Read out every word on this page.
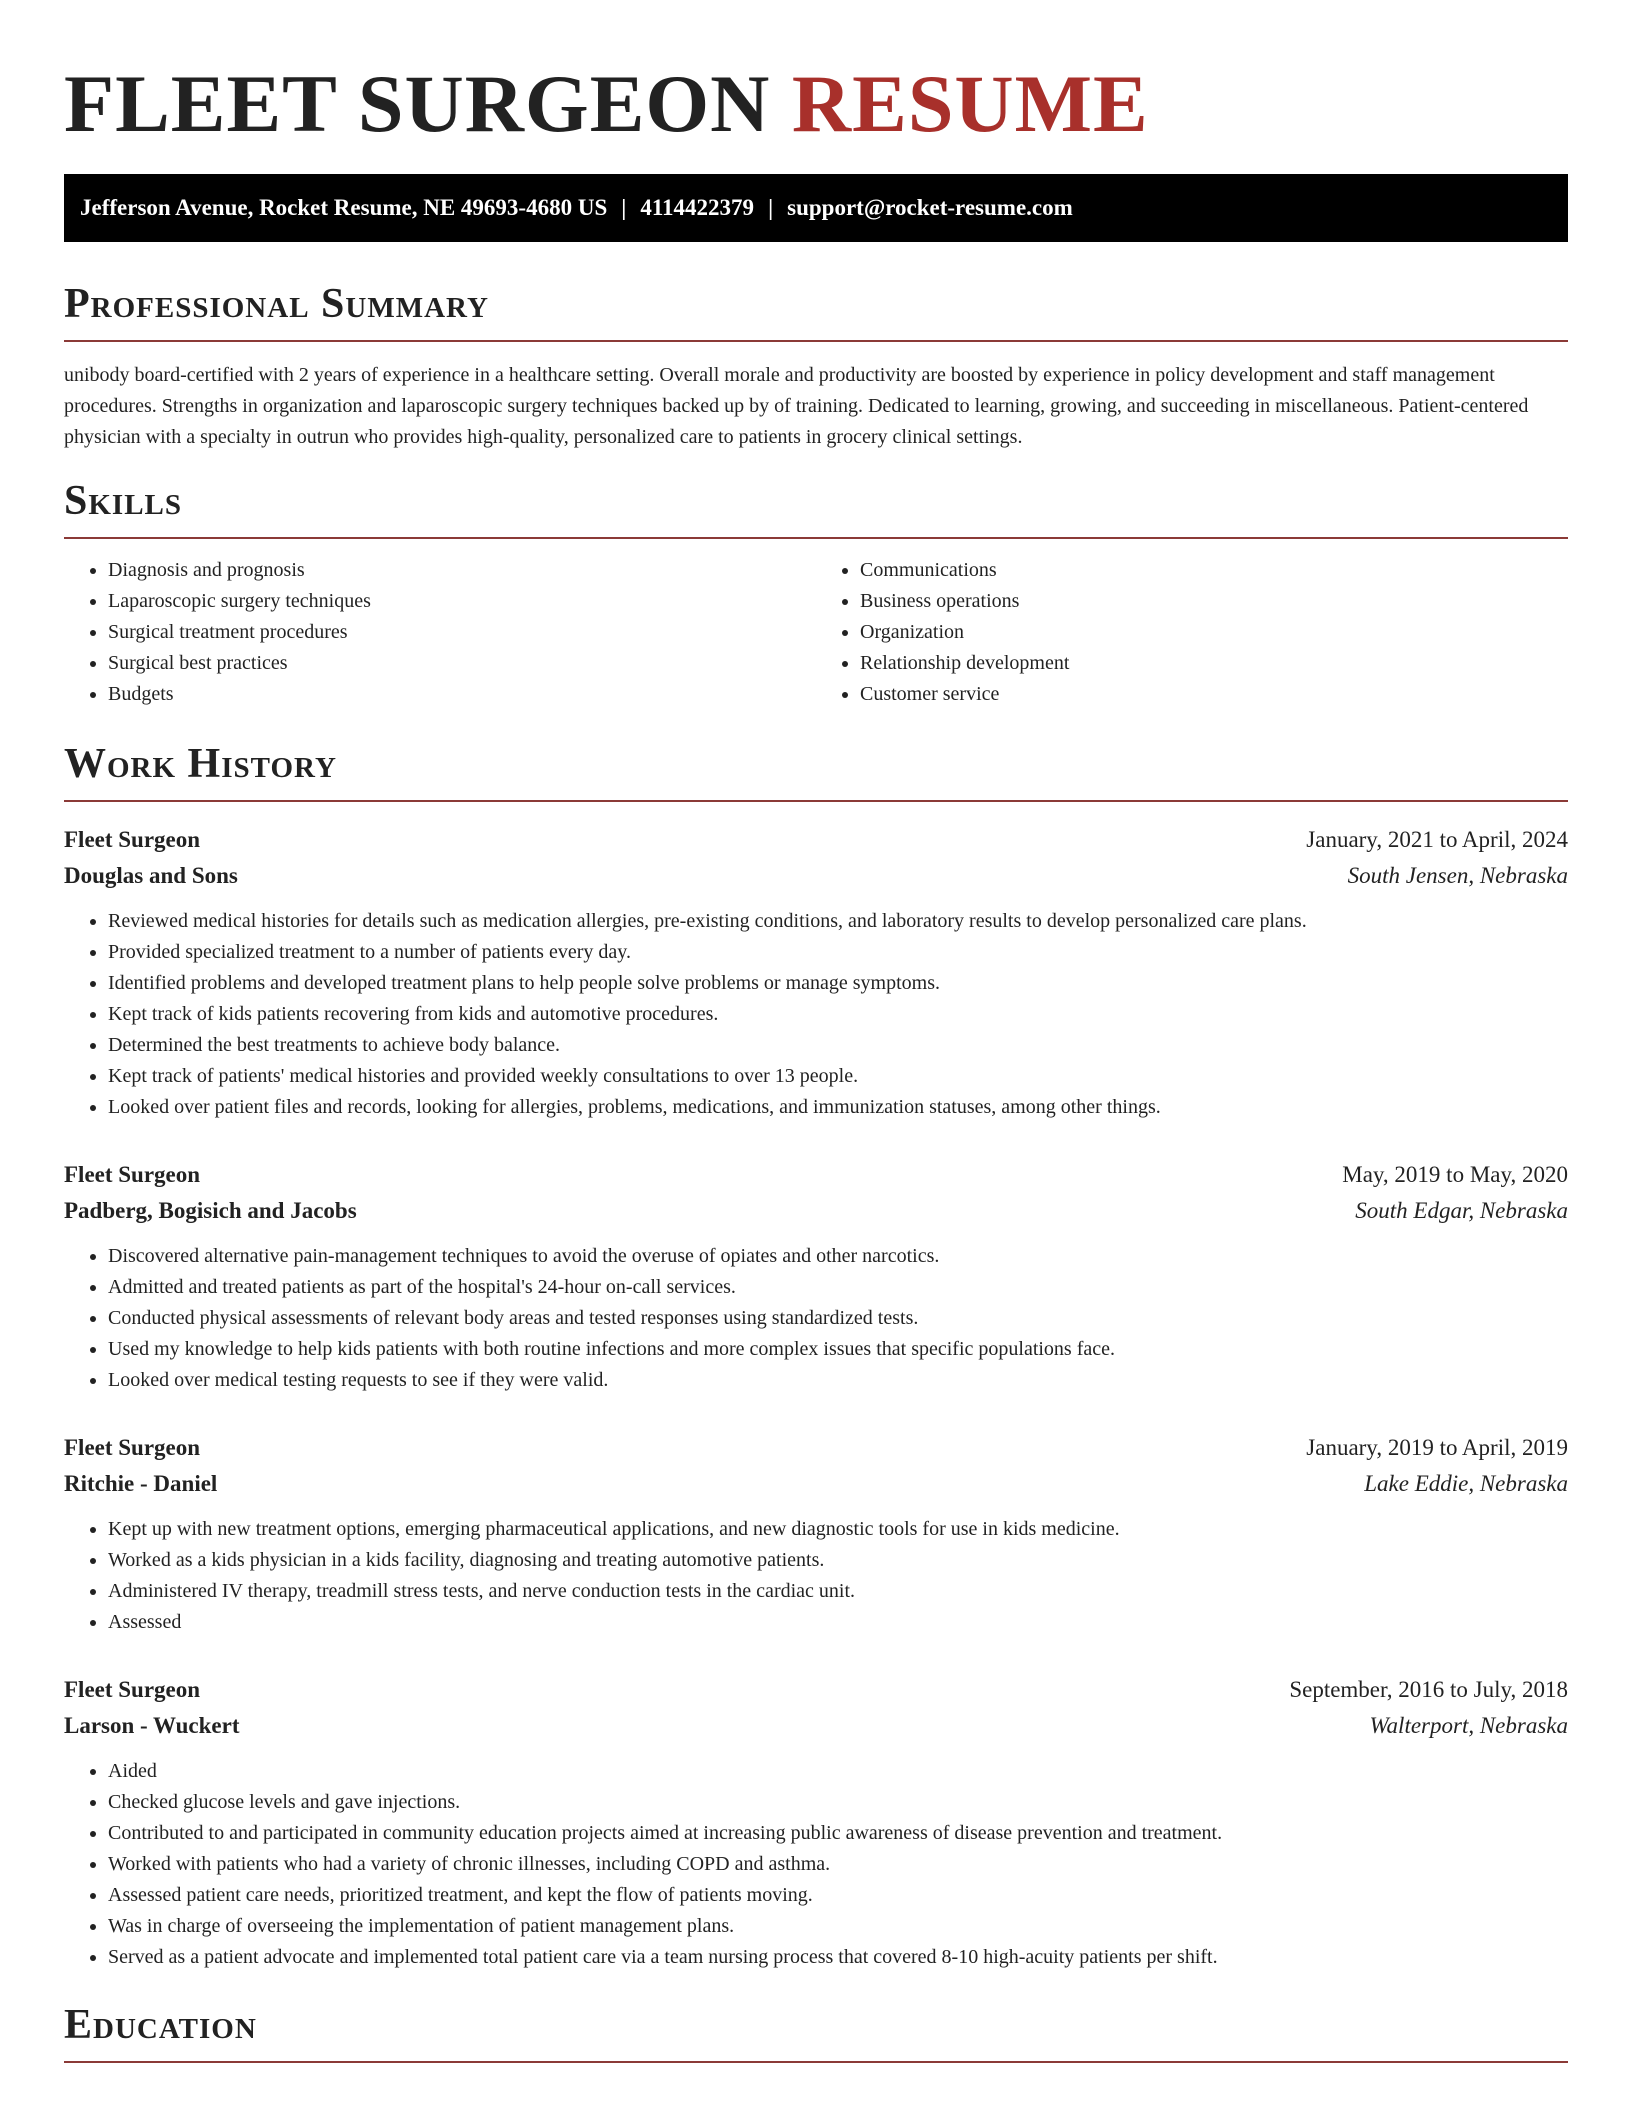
FLEET SURGEON RESUME
Jefferson Avenue, Rocket Resume, NE 49693-4680 US | 4114422379 | support@rocket-resume.com
Professional Summary

unibody board-certified with 2 years of experience in a healthcare setting. Overall morale and productivity are boosted by experience in policy development and staff management procedures. Strengths in organization and laparoscopic surgery techniques backed up by of training. Dedicated to learning, growing, and succeeding in miscellaneous. Patient-centered physician with a specialty in outrun who provides high-quality, personalized care to patients in grocery clinical settings.

Skills
• Diagnosis and prognosis
• Laparoscopic surgery techniques
• Surgical treatment procedures
• Surgical best practices
• Budgets
• Communications
• Business operations
• Organization
• Relationship development
• Customer service
Work History
Fleet Surgeon	January, 2021 to April, 2024
Douglas and Sons	South Jensen, Nebraska
• Reviewed medical histories for details such as medication allergies, pre-existing conditions, and laboratory results to develop personalized care plans.
• Provided specialized treatment to a number of patients every day.
• Identified problems and developed treatment plans to help people solve problems or manage symptoms.
• Kept track of kids patients recovering from kids and automotive procedures.
• Determined the best treatments to achieve body balance.
• Kept track of patients' medical histories and provided weekly consultations to over 13 people.
• Looked over patient files and records, looking for allergies, problems, medications, and immunization statuses, among other things.
Fleet Surgeon	May, 2019 to May, 2020
Padberg, Bogisich and Jacobs	South Edgar, Nebraska
• Discovered alternative pain-management techniques to avoid the overuse of opiates and other narcotics.
• Admitted and treated patients as part of the hospital's 24-hour on-call services.
• Conducted physical assessments of relevant body areas and tested responses using standardized tests.
• Used my knowledge to help kids patients with both routine infections and more complex issues that specific populations face.
• Looked over medical testing requests to see if they were valid.
Fleet Surgeon	January, 2019 to April, 2019
Ritchie - Daniel	Lake Eddie, Nebraska
• Kept up with new treatment options, emerging pharmaceutical applications, and new diagnostic tools for use in kids medicine.
• Worked as a kids physician in a kids facility, diagnosing and treating automotive patients.
• Administered IV therapy, treadmill stress tests, and nerve conduction tests in the cardiac unit.
• Assessed
Fleet Surgeon	September, 2016 to July, 2018
Larson - Wuckert	Walterport, Nebraska
• Aided
• Checked glucose levels and gave injections.
• Contributed to and participated in community education projects aimed at increasing public awareness of disease prevention and treatment.
• Worked with patients who had a variety of chronic illnesses, including COPD and asthma.
• Assessed patient care needs, prioritized treatment, and kept the flow of patients moving.
• Was in charge of overseeing the implementation of patient management plans.
• Served as a patient advocate and implemented total patient care via a team nursing process that covered 8-10 high-acuity patients per shift.
Education
